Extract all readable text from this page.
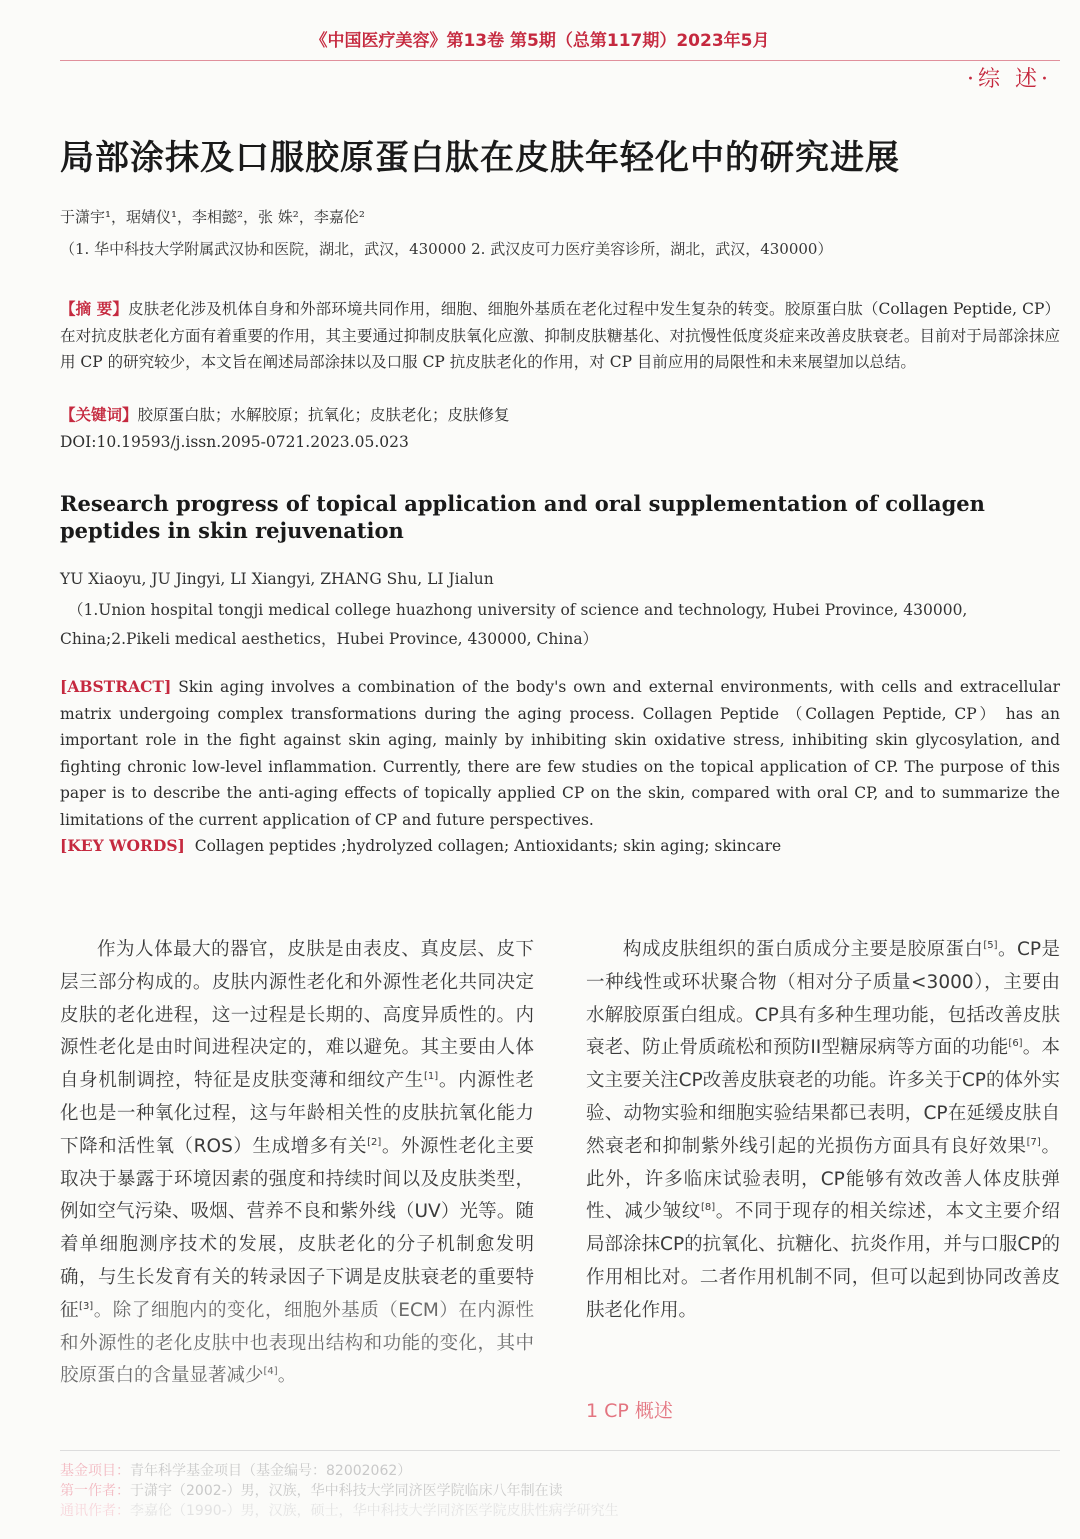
《中国医疗美容》第13卷 第5期（总第117期）2023年5月
·综 述·
局部涂抹及口服胶原蛋白肽在皮肤年轻化中的研究进展
于潇宇¹，琚婧仪¹，李相懿²，张 姝²，李嘉伦²
（1. 华中科技大学附属武汉协和医院，湖北，武汉，430000 2. 武汉皮可力医疗美容诊所，湖北，武汉，430000）
【摘 要】皮肤老化涉及机体自身和外部环境共同作用，细胞、细胞外基质在老化过程中发生复杂的转变。胶原蛋白肽（Collagen Peptide, CP）在对抗皮肤老化方面有着重要的作用，其主要通过抑制皮肤氧化应激、抑制皮肤糖基化、对抗慢性低度炎症来改善皮肤衰老。目前对于局部涂抹应用 CP 的研究较少，本文旨在阐述局部涂抹以及口服 CP 抗皮肤老化的作用，对 CP 目前应用的局限性和未来展望加以总结。
【关键词】胶原蛋白肽；水解胶原；抗氧化；皮肤老化；皮肤修复
DOI:10.19593/j.issn.2095-0721.2023.05.023
Research progress of topical application and oral supplementation of collagen peptides in skin rejuvenation
YU Xiaoyu, JU Jingyi, LI Xiangyi, ZHANG Shu, LI Jialun
（1.Union hospital tongji medical college huazhong university of science and technology, Hubei Province, 430000, China;2.Pikeli medical aesthetics，Hubei Province, 430000, China）
[ABSTRACT] Skin aging involves a combination of the body's own and external environments, with cells and extracellular matrix undergoing complex transformations during the aging process. Collagen Peptide （Collagen Peptide, CP） has an important role in the fight against skin aging, mainly by inhibiting skin oxidative stress, inhibiting skin glycosylation, and fighting chronic low-level inflammation. Currently, there are few studies on the topical application of CP. The purpose of this paper is to describe the anti-aging effects of topically applied CP on the skin, compared with oral CP, and to summarize the limitations of the current application of CP and future perspectives.
[KEY WORDS] Collagen peptides ;hydrolyzed collagen; Antioxidants; skin aging; skincare
作为人体最大的器官，皮肤是由表皮、真皮层、皮下层三部分构成的。皮肤内源性老化和外源性老化共同决定皮肤的老化进程，这一过程是长期的、高度异质性的。内源性老化是由时间进程决定的，难以避免。其主要由人体自身机制调控，特征是皮肤变薄和细纹产生[1]。内源性老化也是一种氧化过程，这与年龄相关性的皮肤抗氧化能力下降和活性氧（ROS）生成增多有关[2]。外源性老化主要取决于暴露于环境因素的强度和持续时间以及皮肤类型，例如空气污染、吸烟、营养不良和紫外线（UV）光等。随着单细胞测序技术的发展，皮肤老化的分子机制愈发明确，与生长发育有关的转录因子下调是皮肤衰老的重要特征[3]。除了细胞内的变化，细胞外基质（ECM）在内源性和外源性的老化皮肤中也表现出结构和功能的变化，其中胶原蛋白的含量显著减少[4]。
构成皮肤组织的蛋白质成分主要是胶原蛋白[5]。CP是一种线性或环状聚合物（相对分子质量<3000），主要由水解胶原蛋白组成。CP具有多种生理功能，包括改善皮肤衰老、防止骨质疏松和预防II型糖尿病等方面的功能[6]。本文主要关注CP改善皮肤衰老的功能。许多关于CP的体外实验、动物实验和细胞实验结果都已表明，CP在延缓皮肤自然衰老和抑制紫外线引起的光损伤方面具有良好效果[7]。此外，许多临床试验表明，CP能够有效改善人体皮肤弹性、减少皱纹[8]。不同于现存的相关综述，本文主要介绍局部涂抹CP的抗氧化、抗糖化、抗炎作用，并与口服CP的作用相比对。二者作用机制不同，但可以起到协同改善皮肤老化作用。
1 CP 概述
基金项目：青年科学基金项目（基金编号：82002062）
第一作者：于潇宇（2002-）男，汉族，华中科技大学同济医学院临床八年制在读
通讯作者：李嘉伦（1990-）男，汉族，硕士，华中科技大学同济医学院皮肤性病学研究生
